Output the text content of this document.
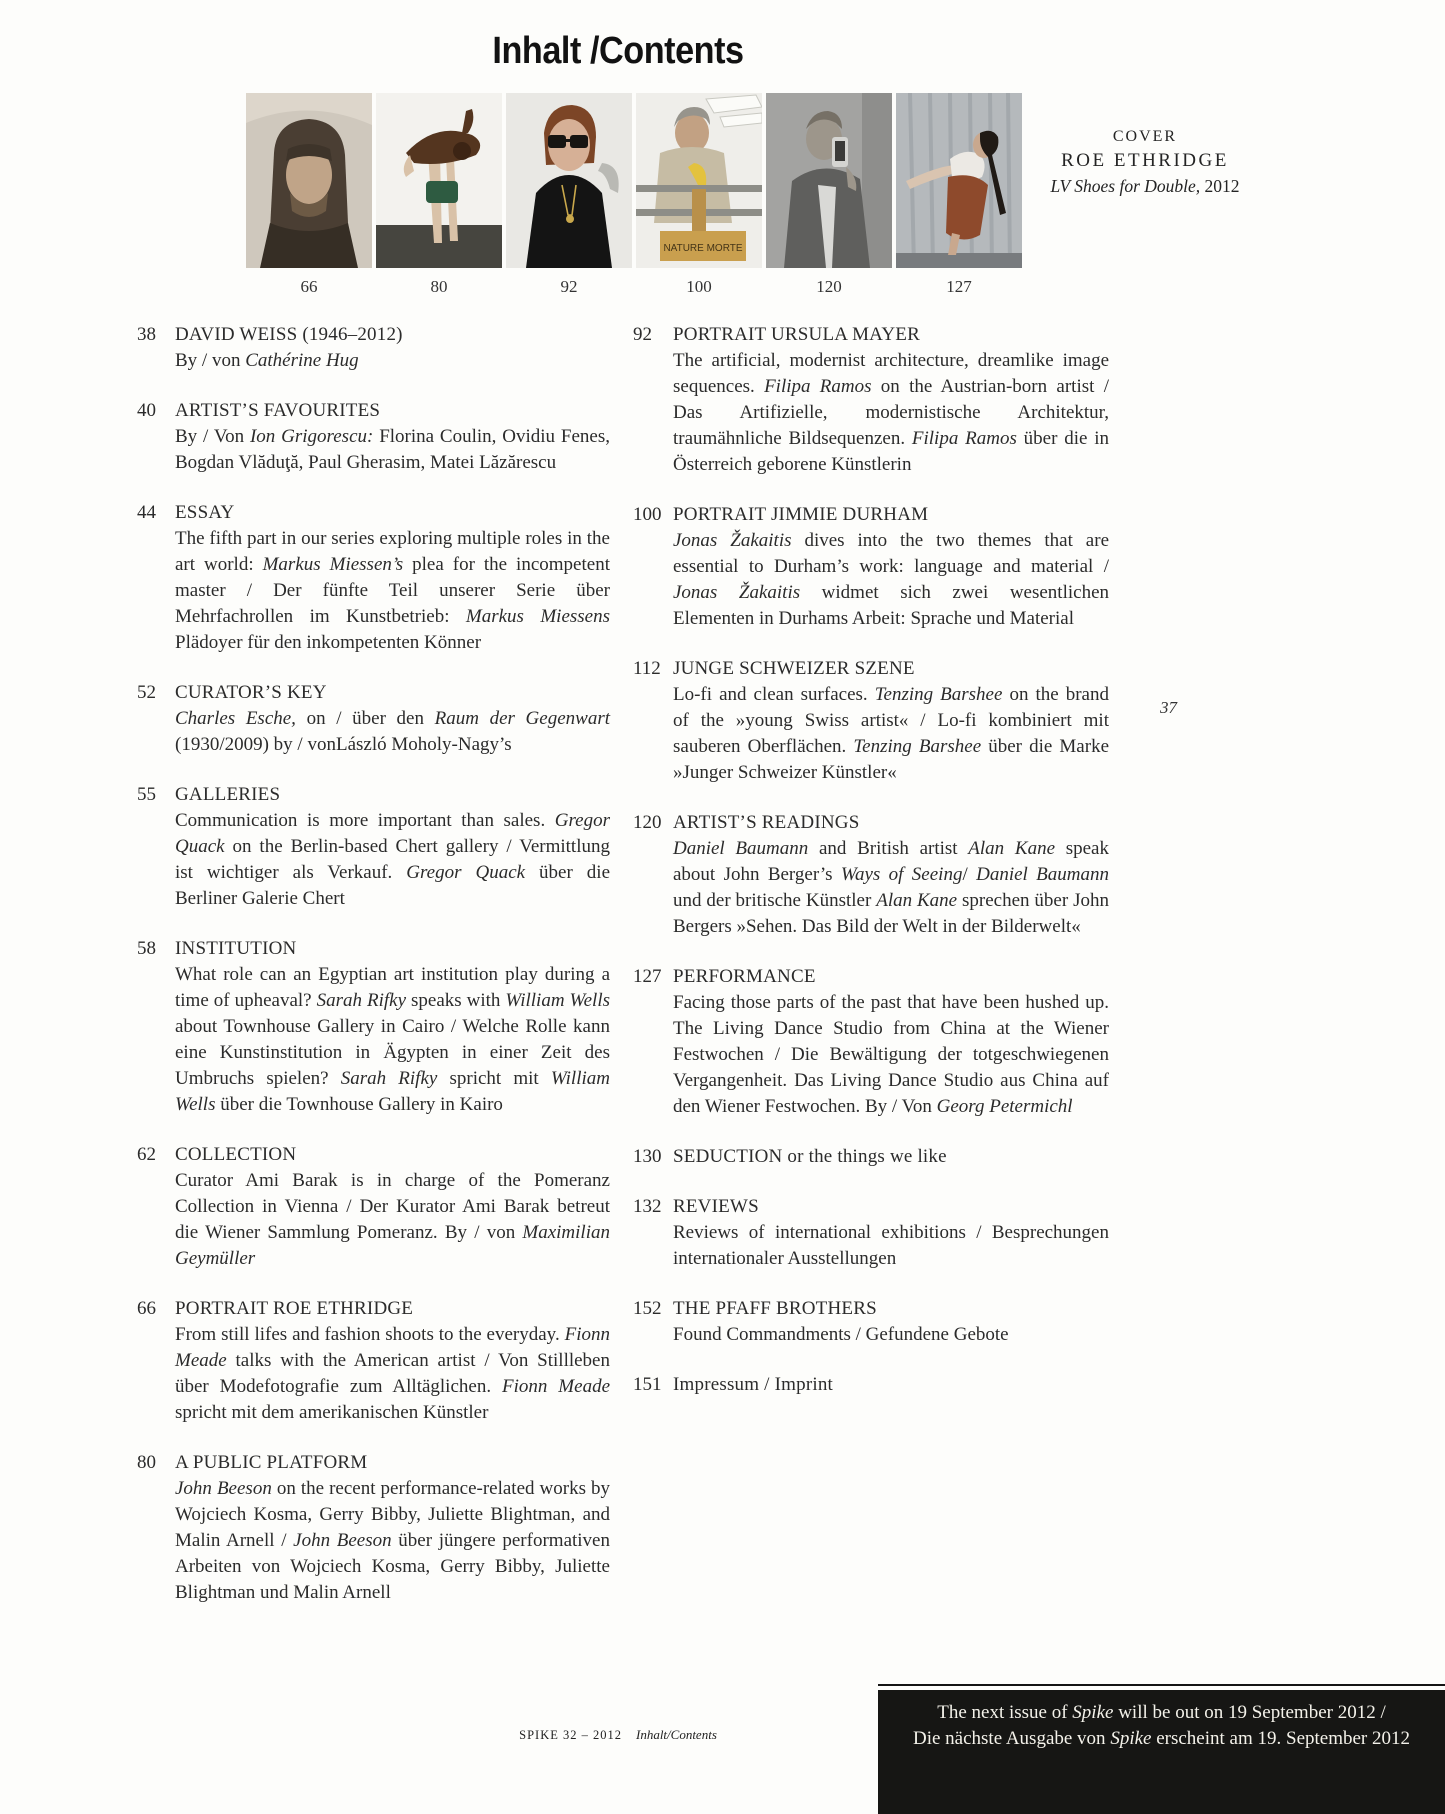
Inhalt /Contents
66	80	92
NATURE MORTE
100	120	127
COVER
ROE ETHRIDGE
LV Shoes for Double, 2012
38	DAVID WEISS (1946–2012)
By / von Cathérine Hug
40	ARTIST’S FAVOURITES
By / Von Ion Grigorescu: Florina Coulin, Ovidiu Fenes, Bogdan Vlăduţă, Paul Gherasim, Matei Lăzărescu
44	ESSAY
The fifth part in our series exploring multiple roles in the art world: Markus Miessen’s plea for the incompetent master / Der fünfte Teil unserer Serie über Mehrfachrollen im Kunstbetrieb: Markus Miessens Plädoyer für den inkompetenten Könner
52	CURATOR’S KEY
Charles Esche, on / über den Raum der Gegenwart (1930/2009) by / vonLászló Moholy-Nagy’s
55	GALLERIES
Communication is more important than sales. Gregor Quack on the Berlin-based Chert gallery / Vermittlung ist wichtiger als Verkauf. Gregor Quack über die Berliner Galerie Chert
58	INSTITUTION
What role can an Egyptian art institution play during a time of upheaval? Sarah Rifky speaks with William Wells about Townhouse Gallery in Cairo / Welche Rolle kann eine Kunstinstitution in Ägypten in einer Zeit des Umbruchs spielen? Sarah Rifky spricht mit William Wells über die Townhouse Gallery in Kairo
62	COLLECTION
Curator Ami Barak is in charge of the Pomeranz Collection in Vienna / Der Kurator Ami Barak betreut die Wiener Sammlung Pomeranz. By / von Maximilian Geymüller
66	PORTRAIT ROE ETHRIDGE
From still lifes and fashion shoots to the everyday. Fionn Meade talks with the American artist / Von Stillleben über Modefotografie zum Alltäglichen. Fionn Meade spricht mit dem amerikanischen Künstler
80	A PUBLIC PLATFORM
John Beeson on the recent performance-related works by Wojciech Kosma, Gerry Bibby, Juliette Blightman, and Malin Arnell / John Beeson über jüngere performativen Arbeiten von Wojciech Kosma, Gerry Bibby, Juliette Blightman und Malin Arnell
92	PORTRAIT URSULA MAYER
The artificial, modernist architecture, dreamlike image sequences. Filipa Ramos on the Austrian-born artist / Das Artifizielle, modernistische Architektur, traumähnliche Bildsequenzen. Filipa Ramos über die in Österreich geborene Künstlerin
100 PORTRAIT JIMMIE DURHAM
Jonas Žakaitis dives into the two themes that are essential to Durham’s work: language and material / Jonas Žakaitis widmet sich zwei wesentlichen Elementen in Durhams Arbeit: Sprache und Material
112 JUNGE SCHWEIZER SZENE
Lo-fi and clean surfaces. Tenzing Barshee on the brand of the »young Swiss artist« / Lo-fi kombiniert mit sauberen Oberflächen. Tenzing Barshee über die Marke »Junger Schweizer Künstler«
120 ARTIST’S READINGS
Daniel Baumann and British artist Alan Kane speak about John Berger’s Ways of Seeing/ Daniel Baumann und der britische Künstler Alan Kane sprechen über John Bergers »Sehen. Das Bild der Welt in der Bilderwelt«
127 PERFORMANCE
Facing those parts of the past that have been hushed up. The Living Dance Studio from China at the Wiener Festwochen / Die Bewältigung der totgeschwiegenen Vergangenheit. Das Living Dance Studio aus China auf den Wiener Festwochen. By / Von Georg Petermichl
130 SEDUCTION or the things we like
132 REVIEWS
Reviews of international exhibitions / Besprechungen internationaler Ausstellungen
152 THE PFAFF BROTHERS
Found Commandments / Gefundene Gebote
151 Impressum / Imprint
37
SPIKE 32 – 2012 Inhalt/Contents

The next issue of Spike will be out on 19 September 2012 /

Die nächste Ausgabe von Spike erscheint am 19. September 2012
